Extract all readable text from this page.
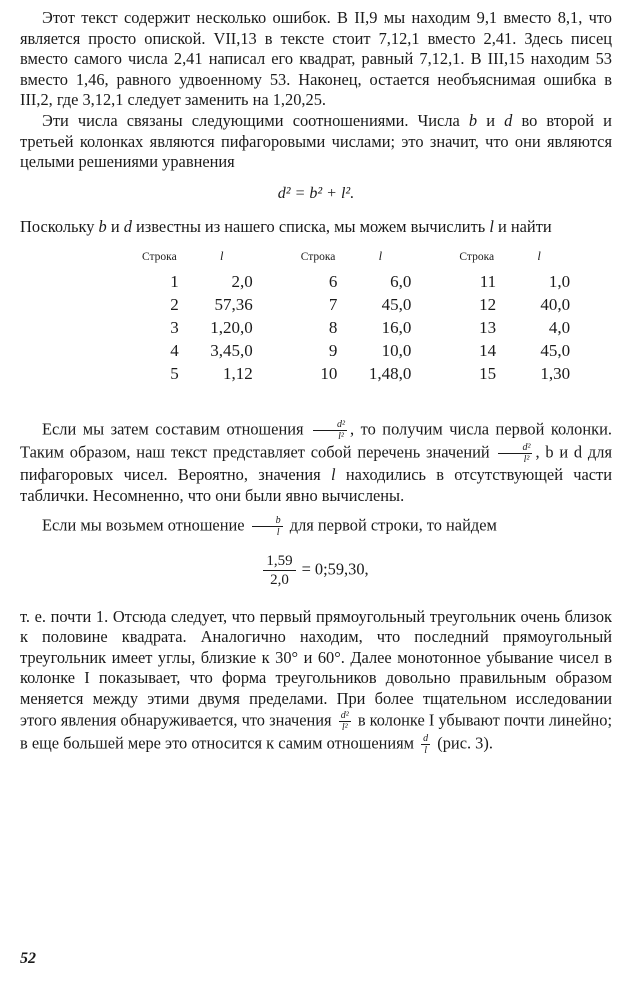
Этот текст содержит несколько ошибок. В II,9 мы находим 9,1 вместо 8,1, что является просто опиской. VII,13 в тексте стоит 7,12,1 вместо 2,41. Здесь писец вместо самого числа 2,41 написал его квадрат, равный 7,12,1. В III,15 находим 53 вместо 1,46, равного удвоенному 53. Наконец, остается необъяснимая ошибка в III,2, где 3,12,1 следует заменить на 1,20,25.

Эти числа связаны следующими соотношениями. Числа b и d во второй и третьей колонках являются пифагоровыми числами; это значит, что они являются целыми решениями уравнения

d² = b² + l².

Поскольку b и d известны из нашего списка, мы можем вычислить l и найти

Строка	l		Строка	l		Строка	l
1	2,0		6	6,0		11	1,0
2	57,36		7	45,0		12	40,0
3	1,20,0		8	16,0		13	4,0
4	3,45,0		9	10,0		14	45,0
5	1,12		10	1,48,0		15	1,30

Если мы затем составим отношения $\frac{\text{d²}}{\text{l²}}$ , то получим числа первой колонки. Таким образом, наш текст представляет собой перечень значений $\frac{\text{d²}}{\text{l²}}$ , b и d для пифагоровых чисел. Вероятно, значения l находились в отсутствующей части таблички. Несомненно, что они были явно вычислены.

Если мы возьмем отношение $\frac{b}{l}$ для первой строки, то найдем

$\frac{1,59}{2,0}$ = 0;59,30,

т. е. почти 1. Отсюда следует, что первый прямоугольный треугольник очень близок к половине квадрата. Аналогично находим, что последний прямоугольный треугольник имеет углы, близкие к 30° и 60°. Далее монотонное убывание чисел в колонке I показывает, что форма треугольников довольно правильным образом меняется между этими двумя пределами. При более тщательном исследовании этого явления обнаруживается, что значения $\frac{\text{d²}}{\text{l²}}$ в колонке I убывают почти линейно; в еще большей мере это относится к самим отношениям $\frac{d}{l} (рис$. 3).

52
